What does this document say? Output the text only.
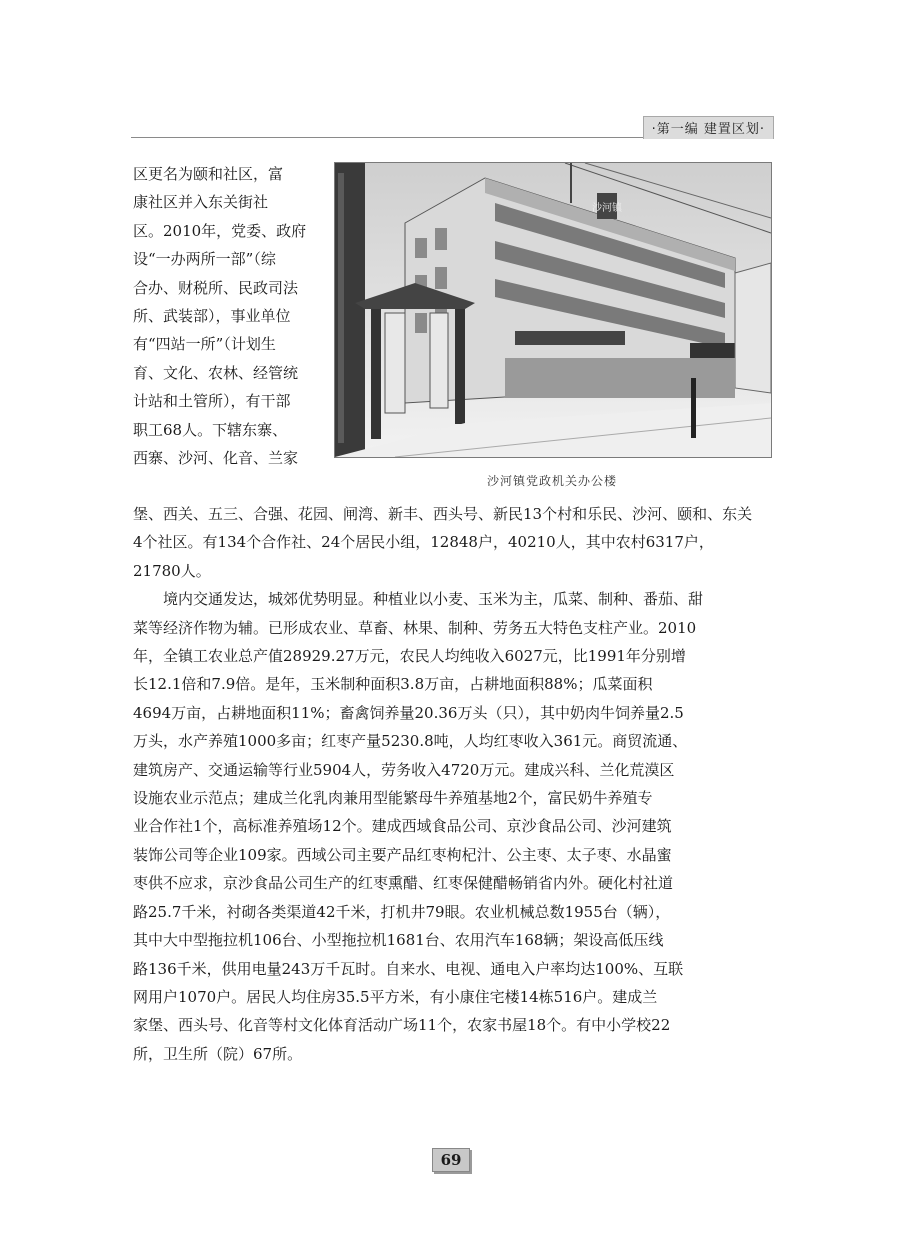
·第一编 建置区划·
沙河镇
沙河镇党政机关办公楼
区更名为颐和社区，富
康社区并入东关街社
区。2010年，党委、政府
设“一办两所一部”（综
合办、财税所、民政司法
所、武装部），事业单位
有“四站一所”（计划生
育、文化、农林、经管统
计站和土管所），有干部
职工68人。下辖东寨、
西寨、沙河、化音、兰家
堡、西关、五三、合强、花园、闸湾、新丰、西头号、新民13个村和乐民、沙河、颐和、东关
4个社区。有134个合作社、24个居民小组，12848户，40210人，其中农村6317户，
21780人。
境内交通发达，城郊优势明显。种植业以小麦、玉米为主，瓜菜、制种、番茄、甜
菜等经济作物为辅。已形成农业、草畜、林果、制种、劳务五大特色支柱产业。2010
年，全镇工农业总产值28929.27万元，农民人均纯收入6027元，比1991年分别增
长12.1倍和7.9倍。是年，玉米制种面积3.8万亩，占耕地面积88%；瓜菜面积
4694万亩，占耕地面积11%；畜禽饲养量20.36万头（只），其中奶肉牛饲养量2.5
万头，水产养殖1000多亩；红枣产量5230.8吨，人均红枣收入361元。商贸流通、
建筑房产、交通运输等行业5904人，劳务收入4720万元。建成兴科、兰化荒漠区
设施农业示范点；建成兰化乳肉兼用型能繁母牛养殖基地2个，富民奶牛养殖专
业合作社1个，高标准养殖场12个。建成西域食品公司、京沙食品公司、沙河建筑
装饰公司等企业109家。西域公司主要产品红枣枸杞汁、公主枣、太子枣、水晶蜜
枣供不应求，京沙食品公司生产的红枣熏醋、红枣保健醋畅销省内外。硬化村社道
路25.7千米，衬砌各类渠道42千米，打机井79眼。农业机械总数1955台（辆），
其中大中型拖拉机106台、小型拖拉机1681台、农用汽车168辆；架设高低压线
路136千米，供用电量243万千瓦时。自来水、电视、通电入户率均达100%、互联
网用户1070户。居民人均住房35.5平方米，有小康住宅楼14栋516户。建成兰
家堡、西头号、化音等村文化体育活动广场11个，农家书屋18个。有中小学校22
所，卫生所（院）67所。
69
